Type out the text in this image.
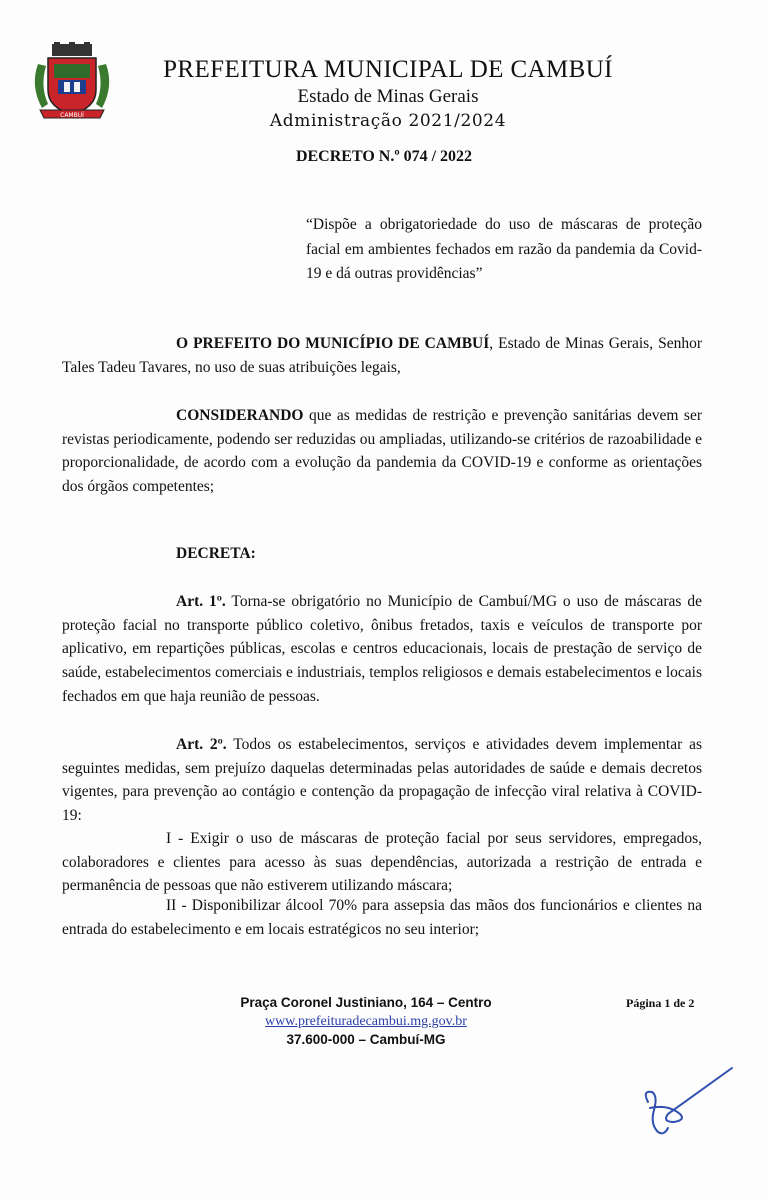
CAMBUÍ
PREFEITURA MUNICIPAL DE CAMBUÍ
Estado de Minas Gerais
Administração 2021/2024
DECRETO N.º 074 / 2022
“Dispõe a obrigatoriedade do uso de máscaras de proteção facial em ambientes fechados em razão da pandemia da Covid-19 e dá outras providências”
O PREFEITO DO MUNICÍPIO DE CAMBUÍ, Estado de Minas Gerais, Senhor Tales Tadeu Tavares, no uso de suas atribuições legais,
CONSIDERANDO que as medidas de restrição e prevenção sanitárias devem ser revistas periodicamente, podendo ser reduzidas ou ampliadas, utilizando-se critérios de razoabilidade e proporcionalidade, de acordo com a evolução da pandemia da COVID-19 e conforme as orientações dos órgãos competentes;
DECRETA:
Art. 1º. Torna-se obrigatório no Município de Cambuí/MG o uso de máscaras de proteção facial no transporte público coletivo, ônibus fretados, taxis e veículos de transporte por aplicativo, em repartições públicas, escolas e centros educacionais, locais de prestação de serviço de saúde, estabelecimentos comerciais e industriais, templos religiosos e demais estabelecimentos e locais fechados em que haja reunião de pessoas.
Art. 2º. Todos os estabelecimentos, serviços e atividades devem implementar as seguintes medidas, sem prejuízo daquelas determinadas pelas autoridades de saúde e demais decretos vigentes, para prevenção ao contágio e contenção da propagação de infecção viral relativa à COVID-19:
I - Exigir o uso de máscaras de proteção facial por seus servidores, empregados, colaboradores e clientes para acesso às suas dependências, autorizada a restrição de entrada e permanência de pessoas que não estiverem utilizando máscara;
II - Disponibilizar álcool 70% para assepsia das mãos dos funcionários e clientes na entrada do estabelecimento e em locais estratégicos no seu interior;
Praça Coronel Justiniano, 164 – Centro
www.prefeituradecambui.mg.gov.br
37.600-000 – Cambuí-MG
Página 1 de 2
